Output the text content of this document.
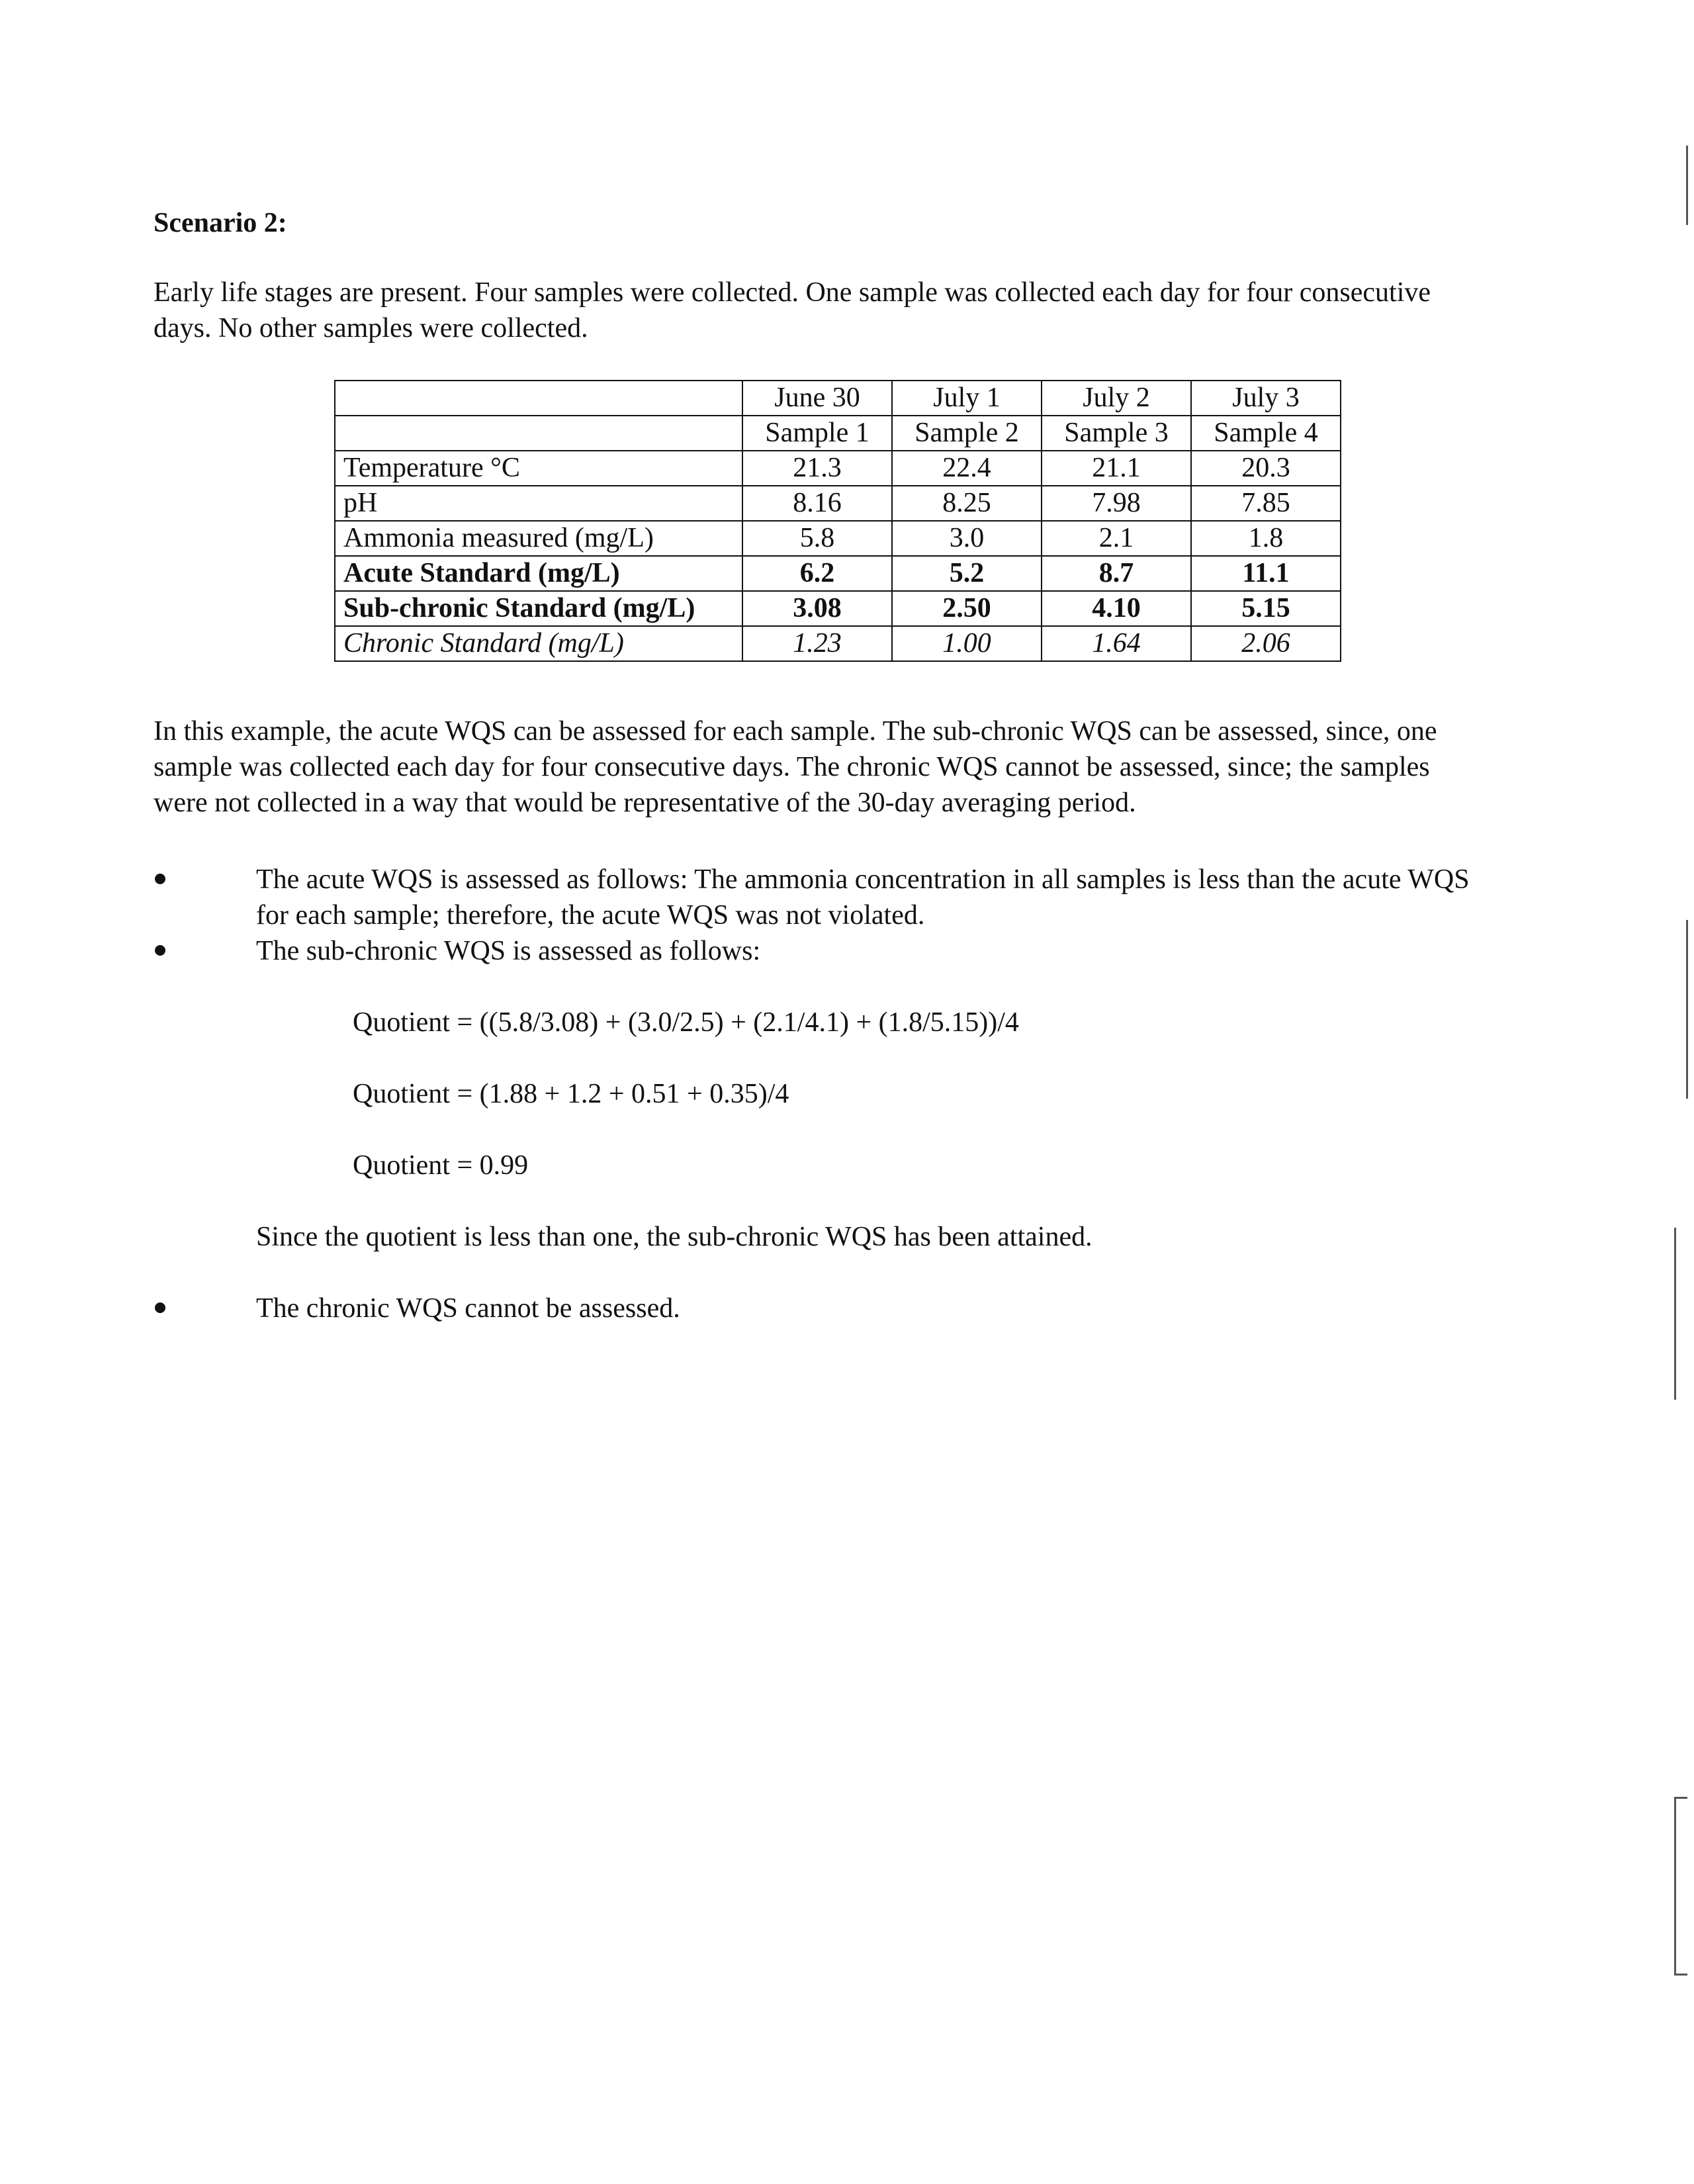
Scenario 2:

Early life stages are present. Four samples were collected. One sample was collected each day for four consecutive
days. No other samples were collected.

	June 30	July 1	July 2	July 3
	Sample 1	Sample 2	Sample 3	Sample 4
Temperature °C	21.3	22.4	21.1	20.3
pH	8.16	8.25	7.98	7.85
Ammonia measured (mg/L)	5.8	3.0	2.1	1.8
Acute Standard (mg/L)	6.2	5.2	8.7	11.1
Sub-chronic Standard (mg/L)	3.08	2.50	4.10	5.15
Chronic Standard (mg/L)	1.23	1.00	1.64	2.06

In this example, the acute WQS can be assessed for each sample. The sub-chronic WQS can be assessed, since, one
sample was collected each day for four consecutive days. The chronic WQS cannot be assessed, since; the samples
were not collected in a way that would be representative of the 30-day averaging period.

The acute WQS is assessed as follows: The ammonia concentration in all samples is less than the acute WQS
for each sample; therefore, the acute WQS was not violated.
The sub-chronic WQS is assessed as follows:
Quotient = ((5.8/3.08) + (3.0/2.5) + (2.1/4.1) + (1.8/5.15))/4
Quotient = (1.88 + 1.2 + 0.51 + 0.35)/4
Quotient = 0.99
Since the quotient is less than one, the sub-chronic WQS has been attained.
The chronic WQS cannot be assessed.
